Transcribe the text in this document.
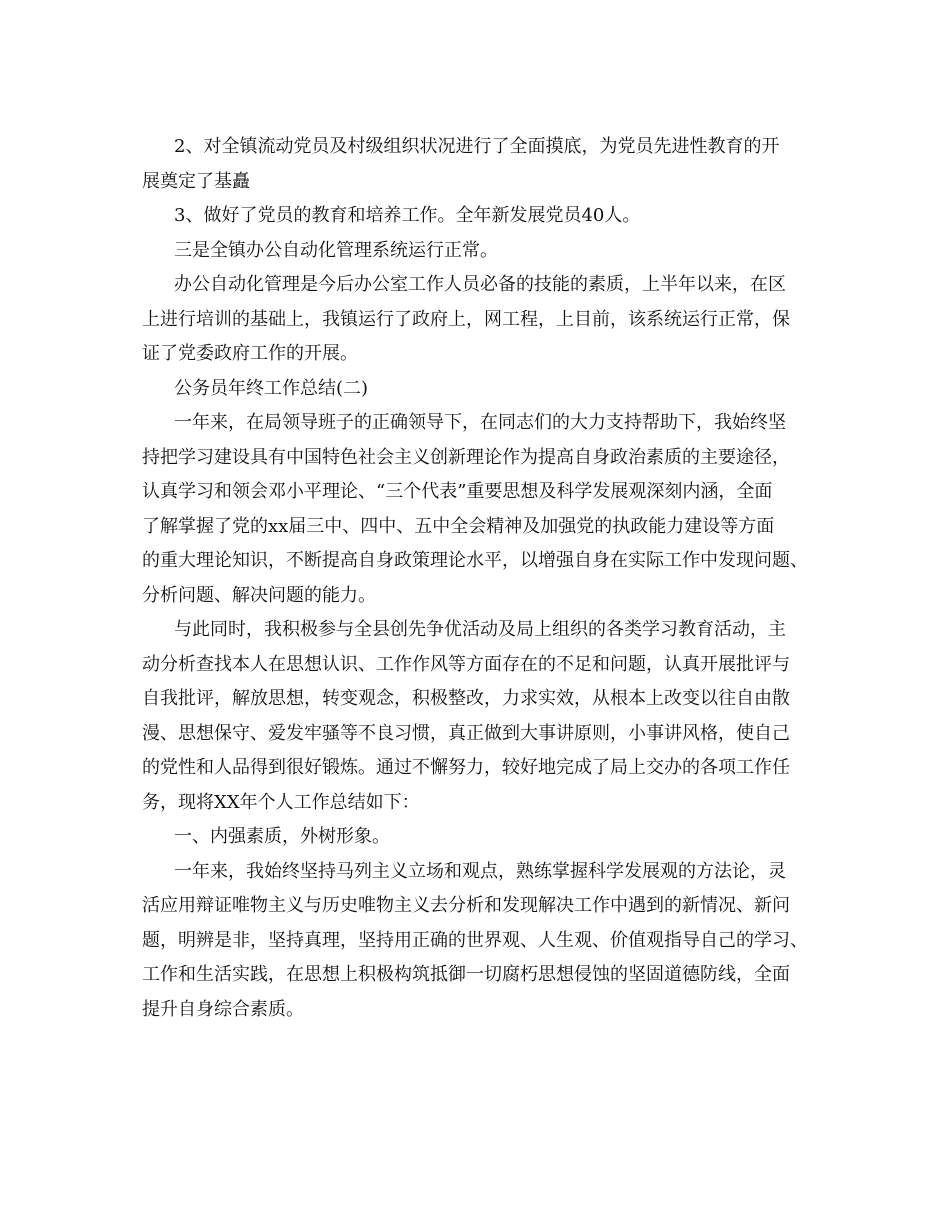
2、对全镇流动党员及村级组织状况进行了全面摸底，为党员先进性教育的开
展奠定了基矗
3、做好了党员的教育和培养工作。全年新发展党员40人。
三是全镇办公自动化管理系统运行正常。
办公自动化管理是今后办公室工作人员必备的技能的素质，上半年以来，在区
上进行培训的基础上，我镇运行了政府上，网工程，上目前，该系统运行正常，保
证了党委政府工作的开展。
公务员年终工作总结(二)
一年来，在局领导班子的正确领导下，在同志们的大力支持帮助下，我始终坚
持把学习建设具有中国特色社会主义创新理论作为提高自身政治素质的主要途径，
认真学习和领会邓小平理论、“三个代表”重要思想及科学发展观深刻内涵，全面
了解掌握了党的xx届三中、四中、五中全会精神及加强党的执政能力建设等方面
的重大理论知识，不断提高自身政策理论水平，以增强自身在实际工作中发现问题、
分析问题、解决问题的能力。
与此同时，我积极参与全县创先争优活动及局上组织的各类学习教育活动，主
动分析查找本人在思想认识、工作作风等方面存在的不足和问题，认真开展批评与
自我批评，解放思想，转变观念，积极整改，力求实效，从根本上改变以往自由散
漫、思想保守、爱发牢骚等不良习惯，真正做到大事讲原则，小事讲风格，使自己
的党性和人品得到很好锻炼。通过不懈努力，较好地完成了局上交办的各项工作任
务，现将XX年个人工作总结如下：
一、内强素质，外树形象。
一年来，我始终坚持马列主义立场和观点，熟练掌握科学发展观的方法论，灵
活应用辩证唯物主义与历史唯物主义去分析和发现解决工作中遇到的新情况、新问
题，明辨是非，坚持真理，坚持用正确的世界观、人生观、价值观指导自己的学习、
工作和生活实践，在思想上积极构筑抵御一切腐朽思想侵蚀的坚固道德防线，全面
提升自身综合素质。
